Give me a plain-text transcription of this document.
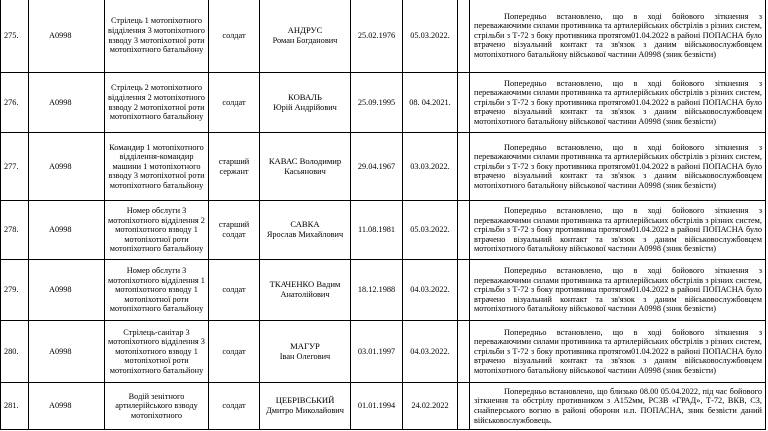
275.	А0998	Стрілець 1 мотопіхотного відділення 3 мотопіхотного взводу 3 мотопіхотної роти мотопіхотного батальйону	солдат	АНДРУС
Роман Богданович	25.02.1976	05.03.2022.		Попередньо встановлено, що в ході бойового зіткнення з переважаючими силами противника та артилерійських обстрілів з різних систем, стрільби з Т-72 з боку противника протягом01.04.2022 в районі ПОПАСНА було втрачено візуальний контакт та зв'язок з даним військовослужбовцем мотопіхотного батальйону військової частини А0998 (зник безвісти)
276.	А0998	Стрілець 2 мотопіхотного відділення 2 мотопіхотного взводу 2 мотопіхотної роти мотопіхотного батальйону	солдат	КОВАЛЬ
Юрій Андрійович	25.09.1995	08. 04.2021.		Попередньо встановлено, що в ході бойового зіткнення з переважаючими силами противника та артилерійських обстрілів з різних систем, стрільби з Т-72 з боку противника протягом01.04.2022 в районі ПОПАСНА було втрачено візуальний контакт та зв'язок з даним військовослужбовцем мотопіхотного батальйону військової частини А0998 (зник безвісти)
277.	А0998	Командир 1 мотопіхотного відділення-командир машини 1 мотопіхотного взводу 3 мотопіхотної роти мотопіхотного батальйону	старший сержант	КАВАС Володимир
Касьянович	29.04.1967	03.03.2022.		Попередньо встановлено, що в ході бойового зіткнення з переважаючими силами противника та артилерійських обстрілів з різних систем, стрільби з Т-72 з боку противника протягом01.04.2022 в районі ПОПАСНА було втрачено візуальний контакт та зв'язок з даним військовослужбовцем мотопіхотного батальйону військової частини А0998 (зник безвісти)
278.	А0998	Номер обслуги 3 мотопіхотного відділення 2 мотопіхотного взводу 1 мотопіхотної роти мотопіхотного батальйону	старший солдат	САВКА
Ярослав Михайлович	11.08.1981	05.03.2022.		Попередньо встановлено, що в ході бойового зіткнення з переважаючими силами противника та артилерійських обстрілів з різних систем, стрільби з Т-72 з боку противника протягом01.04.2022 в районі ПОПАСНА було втрачено візуальний контакт та зв'язок з даним військовослужбовцем мотопіхотного батальйону військової частини А0998 (зник безвісти)
279.	А0998	Номер обслуги 3 мотопіхотного відділення 1 мотопіхотного взводу 1 мотопіхотної роти мотопіхотного батальйону	солдат	ТКАЧЕНКО Вадим
Анатолійович	18.12.1988	04.03.2022.		Попередньо встановлено, що в ході бойового зіткнення з переважаючими силами противника та артилерійських обстрілів з різних систем, стрільби з Т-72 з боку противника протягом01.04.2022 в районі ПОПАСНА було втрачено візуальний контакт та зв'язок з даним військовослужбовцем мотопіхотного батальйону військової частини А0998 (зник безвісти)
280.	А0998	Стрілець-санітар 3 мотопіхотного відділення 3 мотопіхотного взводу 1 мотопіхотної роти мотопіхотного батальйону	солдат	МАГУР
Іван Олегович	03.01.1997	04.03.2022.		Попередньо встановлено, що в ході бойового зіткнення з переважаючими силами противника та артилерійських обстрілів з різних систем, стрільби з Т-72 з боку противника протягом01.04.2022 в районі ПОПАСНА було втрачено візуальний контакт та зв'язок з даним військовослужбовцем мотопіхотного батальйону військової частини А0998 (зник безвісти)
281.	А0998	Водій зенітного артилерійського взводу мотопіхотного	солдат	ЦЕБРІВСЬКИЙ
Дмитро Миколайович	01.01.1994	24.02.2022		Попередньо встановлено, що близько 08.00 05.04.2022, під час бойового зіткнення та обстрілу противником з А152мм, РСЗВ «ГРАД», Т-72, ВКВ, СЗ, снайперського вогню в районі оборони н.п. ПОПАСНА, зник безвісти даний військовослужбовець.
